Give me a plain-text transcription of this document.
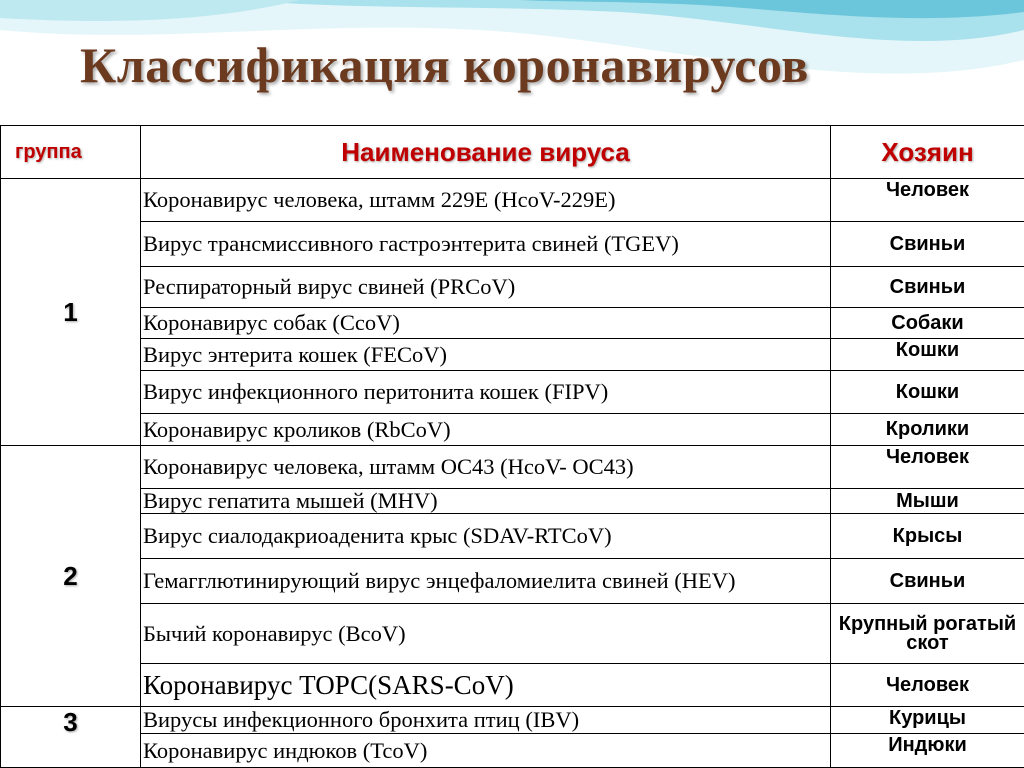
Классификация коронавирусов
группа	Наименование вируса	Хозяин
1	Коронавирус человека, штамм 229E (HcoV-229E)	Человек
	Вирус трансмиссивного гастроэнтерита свиней (TGEV)	Свиньи
	Респираторный вирус свиней (PRCoV)	Свиньи
	Коронавирус собак (CcoV)	Собаки
	Вирус энтерита кошек (FECoV)	Кошки
	Вирус инфекционного перитонита кошек (FIPV)	Кошки
	Коронавирус кроликов (RbCoV)	Кролики
2	Коронавирус человека, штамм OC43 (HcoV- OC43)	Человек
	Вирус гепатита мышей (MHV)	Мыши
	Вирус сиалодакриоаденита крыс (SDAV-RTCoV)	Крысы
	Гемагглютинирующий вирус энцефаломиелита свиней (HEV)	Свиньи
	Бычий коронавирус (BcoV)	Крупный рогатый скот
	Коронавирус ТОРС(SARS-CoV)	Человек
3	Вирусы инфекционного бронхита птиц (IBV)	Курицы
	Коронавирус индюков (TcoV)	Индюки
